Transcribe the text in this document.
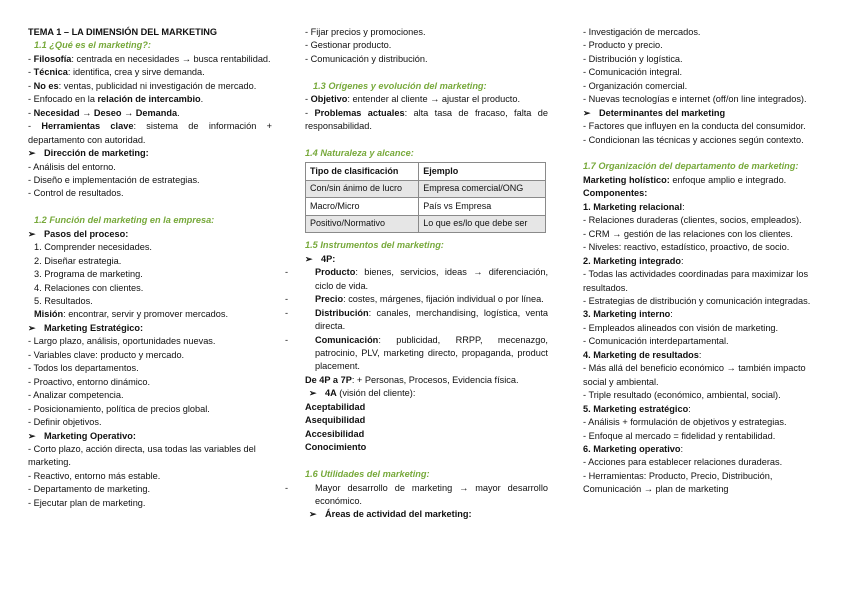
TEMA 1 – LA DIMENSIÓN DEL MARKETING
1.1 ¿Qué es el marketing?:
- Filosofía: centrada en necesidades → busca rentabilidad.
- Técnica: identifica, crea y sirve demanda.
- No es: ventas, publicidad ni investigación de mercado.
- Enfocado en la relación de intercambio.
- Necesidad → Deseo → Demanda.
- Herramientas clave: sistema de información + departamento con autoridad.
➢ Dirección de marketing:
- Análisis del entorno.
- Diseño e implementación de estrategias.
- Control de resultados.
1.2 Función del marketing en la empresa:
➢ Pasos del proceso:
1. Comprender necesidades.
2. Diseñar estrategia.
3. Programa de marketing.
4. Relaciones con clientes.
5. Resultados.
Misión: encontrar, servir y promover mercados.
➢ Marketing Estratégico:
- Largo plazo, análisis, oportunidades nuevas.
- Variables clave: producto y mercado.
- Todos los departamentos.
- Proactivo, entorno dinámico.
- Analizar competencia.
- Posicionamiento, política de precios global.
- Definir objetivos.
➢ Marketing Operativo:
- Corto plazo, acción directa, usa todas las variables del marketing.
- Reactivo, entorno más estable.
- Departamento de marketing.
- Ejecutar plan de marketing.
- Fijar precios y promociones.
- Gestionar producto.
- Comunicación y distribución.
1.3 Orígenes y evolución del marketing:
- Objetivo: entender al cliente → ajustar el producto.
- Problemas actuales: alta tasa de fracaso, falta de responsabilidad.
1.4 Naturaleza y alcance:
Tipo de clasificación	Ejemplo
Con/sin ánimo de lucro	Empresa comercial/ONG
Macro/Micro	País vs Empresa
Positivo/Normativo	Lo que es/lo que debe ser
1.5 Instrumentos del marketing:
➢ 4P:
-	Producto: bienes, servicios, ideas → diferenciación, ciclo de vida.
-	Precio: costes, márgenes, fijación individual o por línea.
-	Distribución: canales, merchandising, logística, venta directa.
-	Comunicación: publicidad, RRPP, mecenazgo, patrocinio, PLV, marketing directo, propaganda, product placement.
De 4P a 7P: + Personas, Procesos, Evidencia física.
➢ 4A (visión del cliente):
Aceptabilidad
Asequibilidad
Accesibilidad
Conocimiento
1.6 Utilidades del marketing:
-	Mayor desarrollo de marketing → mayor desarrollo económico.
➢ Áreas de actividad del marketing:
- Investigación de mercados.
- Producto y precio.
- Distribución y logística.
- Comunicación integral.
- Organización comercial.
- Nuevas tecnologías e internet (off/on line integrados).
➢ Determinantes del marketing
- Factores que influyen en la conducta del consumidor.
- Condicionan las técnicas y acciones según contexto.
1.7 Organización del departamento de marketing:
Marketing holístico: enfoque amplio e integrado.
Componentes:
1. Marketing relacional:
- Relaciones duraderas (clientes, socios, empleados).
- CRM → gestión de las relaciones con los clientes.
- Niveles: reactivo, estadístico, proactivo, de socio.
2. Marketing integrado:
- Todas las actividades coordinadas para maximizar los resultados.
- Estrategias de distribución y comunicación integradas.
3. Marketing interno:
- Empleados alineados con visión de marketing.
- Comunicación interdepartamental.
4. Marketing de resultados:
- Más allá del beneficio económico → también impacto social y ambiental.
- Triple resultado (económico, ambiental, social).
5. Marketing estratégico:
- Análisis + formulación de objetivos y estrategias.
- Enfoque al mercado = fidelidad y rentabilidad.
6. Marketing operativo:
- Acciones para establecer relaciones duraderas.
- Herramientas: Producto, Precio, Distribución, Comunicación → plan de marketing
